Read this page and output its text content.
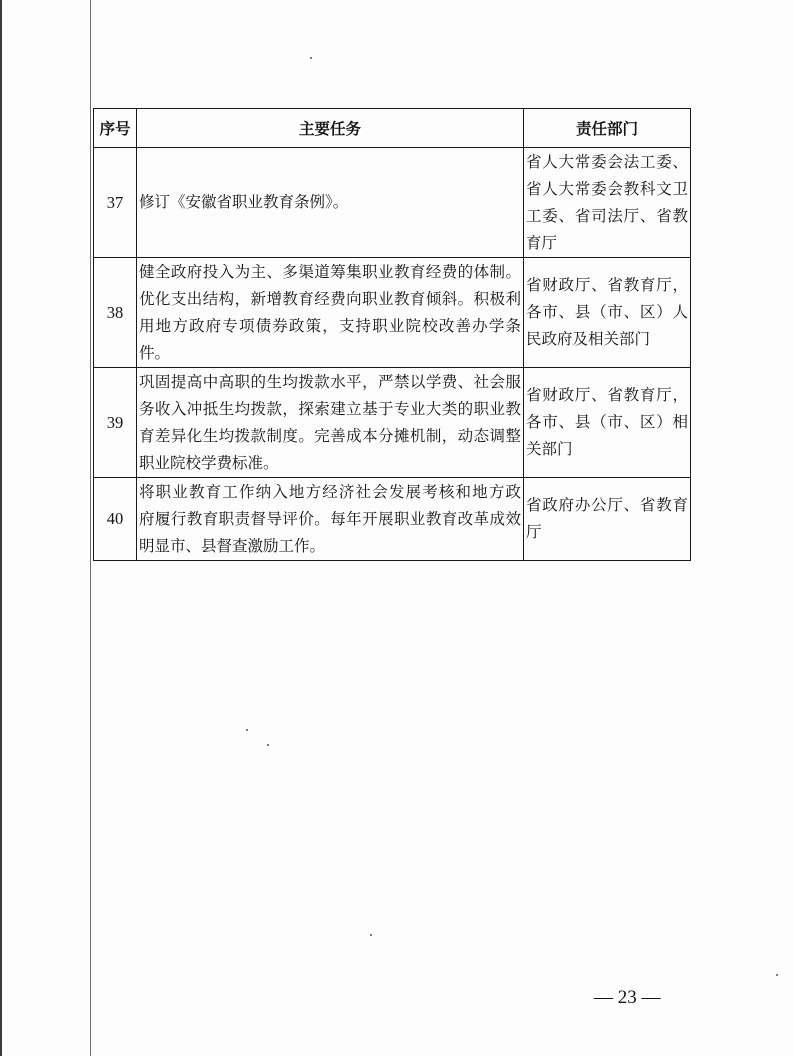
序号	主要任务	责任部门
37	修订《安徽省职业教育条例》。	省人大常委会法工委、
省人大常委会教科文卫
工委、省司法厅、省教
育厅

38	健全政府投入为主、多渠道筹集职业教育经费的体制。
优化支出结构，新增教育经费向职业教育倾斜。积极利
用地方政府专项债券政策，支持职业院校改善办学条
件。	省财政厅、省教育厅，
各市、县（市、区）人
民政府及相关部门

39	巩固提高中高职的生均拨款水平，严禁以学费、社会服
务收入冲抵生均拨款，探索建立基于专业大类的职业教
育差异化生均拨款制度。完善成本分摊机制，动态调整
职业院校学费标准。	省财政厅、省教育厅，
各市、县（市、区）相
关部门

40	将职业教育工作纳入地方经济社会发展考核和地方政
府履行教育职责督导评价。每年开展职业教育改革成效
明显市、县督查激励工作。	省政府办公厅、省教育
厅
— 23 —
